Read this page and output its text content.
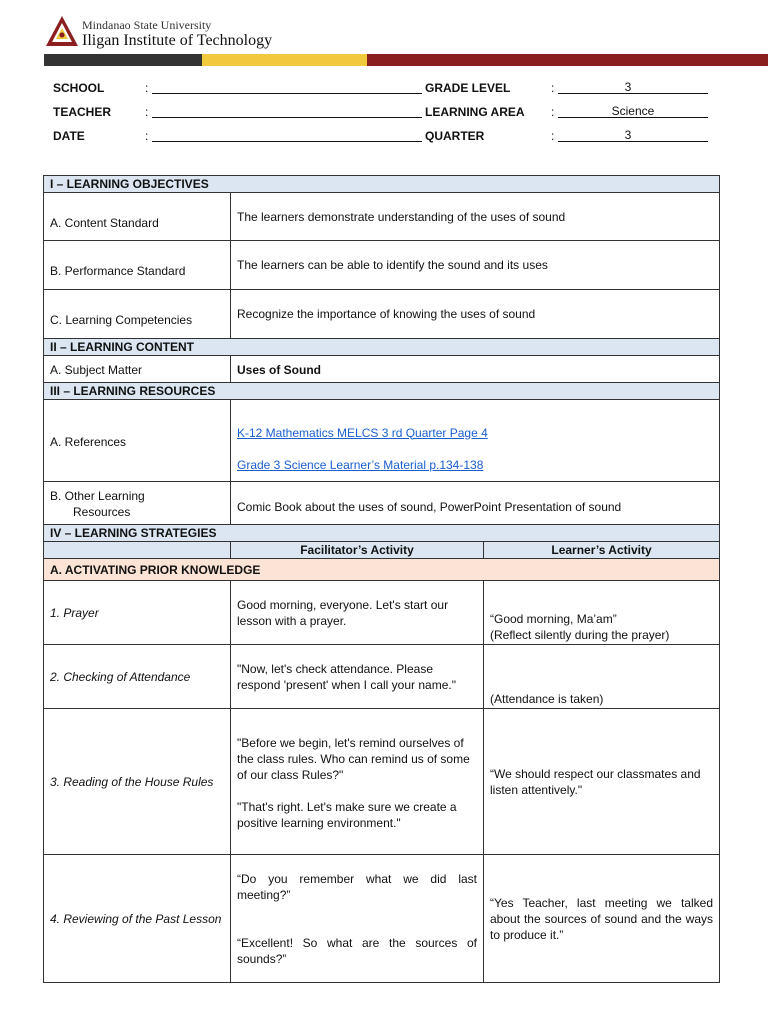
Mindanao State University
Iligan Institute of Technology
SCHOOL	:
TEACHER	:
DATE	:
GRADE LEVEL	:	3
LEARNING AREA :	Science
QUARTER	:	3
I – LEARNING OBJECTIVES		
A. Content Standard	The learners demonstrate understanding of the uses of sound	
B. Performance Standard	The learners can be able to identify the sound and its uses	
C. Learning Competencies	Recognize the importance of knowing the uses of sound	
II – LEARNING CONTENT		
A. Subject Matter	Uses of Sound	
III – LEARNING RESOURCES		
A. References	K-12 Mathematics MELCS 3 rd Quarter Page 4
Grade 3 Science Learner’s Material p.134-138	
B. Other Learning
Resources	Comic Book about the uses of sound, PowerPoint Presentation of sound	
IV – LEARNING STRATEGIES		
	Facilitator’s Activity	Learner’s Activity
A. ACTIVATING PRIOR KNOWLEDGE		
1. Prayer	Good morning, everyone. Let's start our lesson with a prayer.	“Good morning, Ma’am”
(Reflect silently during the prayer)
2. Checking of Attendance	"Now, let's check attendance. Please respond 'present' when I call your name."	(Attendance is taken)
3. Reading of the House Rules	"Before we begin, let's remind ourselves of the class rules. Who can remind us of some of our class Rules?"
"That's right. Let's make sure we create a positive learning environment."	“We should respect our classmates and listen attentively."
4. Reviewing of the Past Lesson	“Do you remember what we did last meeting?”
“Excellent! So what are the sources of sounds?”	“Yes Teacher, last meeting we talked about the sources of sound and the ways to produce it.”
